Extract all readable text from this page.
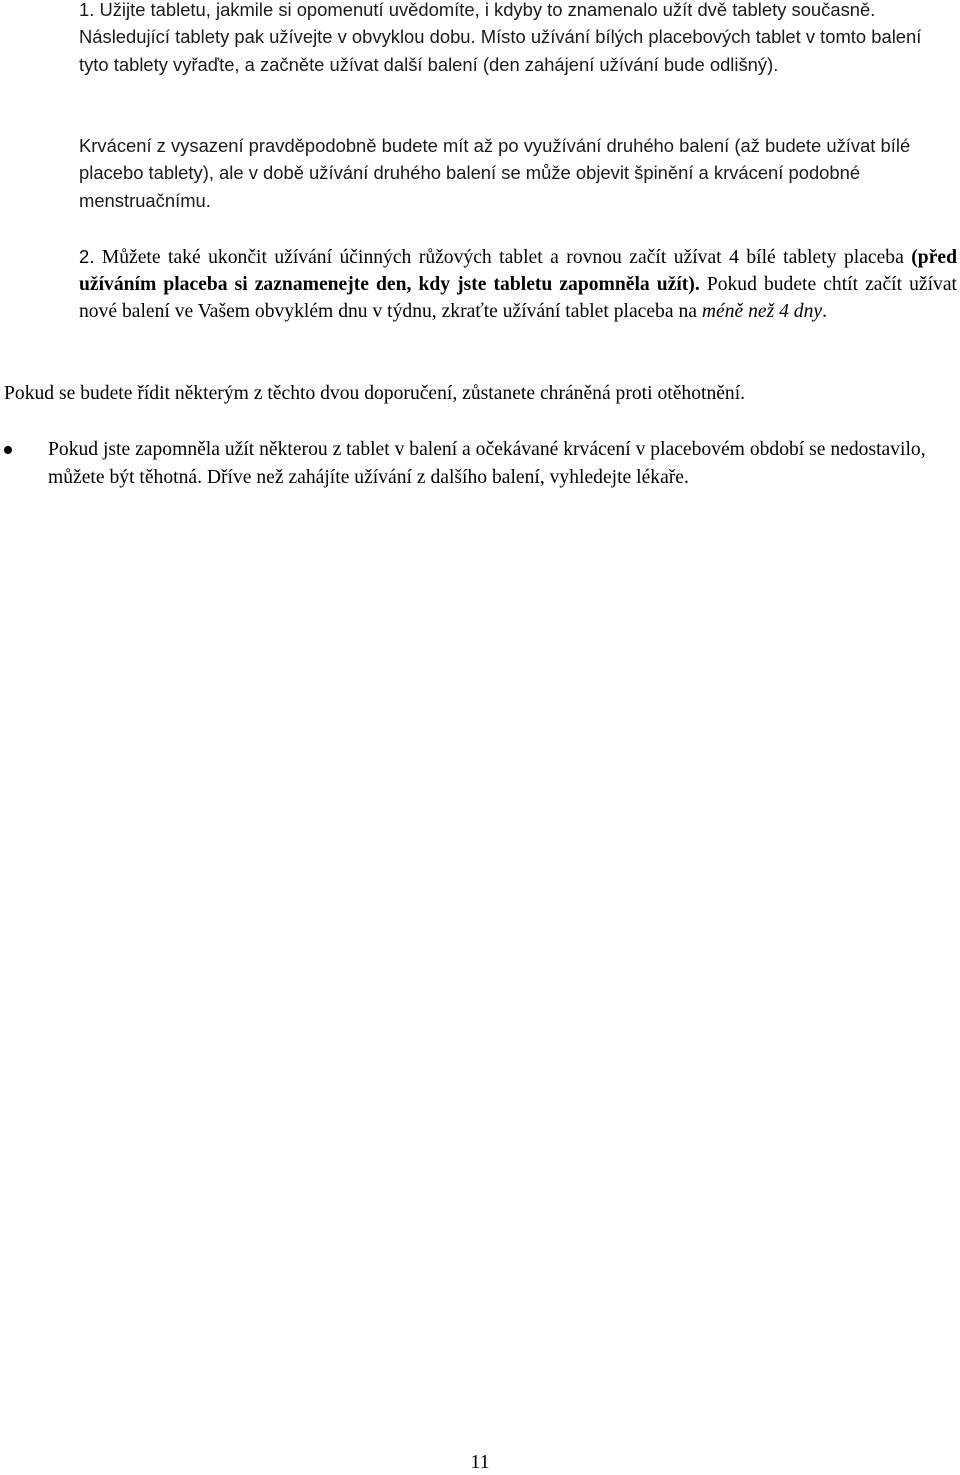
1. Užijte tabletu, jakmile si opomenutí uvědomíte, i kdyby to znamenalo užít dvě tablety současně. Následující tablety pak užívejte v obvyklou dobu. Místo užívání bílých placebových tablet v tomto balení tyto tablety vyřaďte, a začněte užívat další balení (den zahájení užívání bude odlišný).
Krvácení z vysazení pravděpodobně budete mít až po využívání druhého balení (až budete užívat bílé placebo tablety), ale v době užívání druhého balení se může objevit špinění a krvácení podobné menstruačnímu.
2. Můžete také ukončit užívání účinných růžových tablet a rovnou začít užívat 4 bílé tablety placeba (před užíváním placeba si zaznamenejte den, kdy jste tabletu zapomněla užít). Pokud budete chtít začít užívat nové balení ve Vašem obvyklém dnu v týdnu, zkraťte užívání tablet placeba na méně než 4 dny.
Pokud se budete řídit některým z těchto dvou doporučení, zůstanete chráněná proti otěhotnění.
Pokud jste zapomněla užít některou z tablet v balení a očekávané krvácení v placebovém období se nedostavilo, můžete být těhotná. Dříve než zahájíte užívání z dalšího balení, vyhledejte lékaře.
11
